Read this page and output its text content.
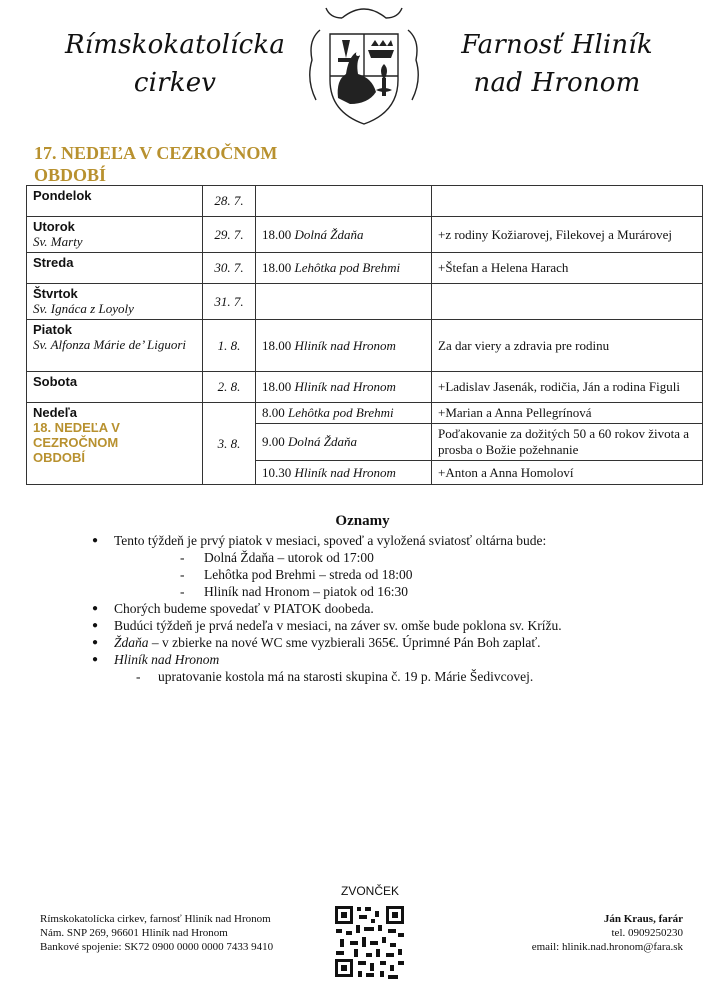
Rímskokatolícka
cirkev
Farnosť Hliník
nad Hronom
17. NEDEĽA V CEZROČNOM OBDOBÍ
Pondelok	28. 7.		

Utorok
Sv. Marty	29. 7.	18.00 Dolná Ždaňa	+z rodiny Kožiarovej, Filekovej a Murárovej

Streda	30. 7.	18.00 Lehôtka pod Brehmi	+Štefan a Helena Harach

Štvrtok
Sv. Ignáca z Loyoly	31. 7.		

Piatok
Sv. Alfonza Márie de’ Liguori	1. 8.	18.00 Hliník nad Hronom	Za dar viery a zdravia pre rodinu

Sobota	2. 8.	18.00 Hliník nad Hronom	+Ladislav Jasenák, rodičia, Ján a rodina Figuli

Nedeľa
18. NEDEĽA V CEZROČNOM OBDOBÍ	3. 8.	8.00 Lehôtka pod Brehmi	+Marian a Anna Pellegrínová
		9.00 Dolná Ždaňa	Poďakovanie za dožitých 50 a 60 rokov života a prosba o Božie požehnanie
		10.30 Hliník nad Hronom	+Anton a Anna Homoloví
Oznamy
● Tento týždeň je prvý piatok v mesiaci, spoveď a vyložená sviatosť oltárna bude:
- Dolná Ždaňa – utorok od 17:00
- Lehôtka pod Brehmi – streda od 18:00
- Hliník nad Hronom – piatok od 16:30
● Chorých budeme spovedať v PIATOK doobeda.
● Budúci týždeň je prvá nedeľa v mesiaci, na záver sv. omše bude poklona sv. Krížu.
● Ždaňa – v zbierke na nové WC sme vyzbierali 365€. Úprimné Pán Boh zaplať.
● Hliník nad Hronom
- upratovanie kostola má na starosti skupina č. 19 p. Márie Šedivcovej.
Rímskokatolícka cirkev, farnosť Hliník nad Hronom
Nám. SNP 269, 96601 Hliník nad Hronom
Bankové spojenie: SK72 0900 0000 0000 7433 9410
ZVONČEK
Ján Kraus, farár
tel. 0909250230
email: hlinik.nad.hronom@fara.sk
